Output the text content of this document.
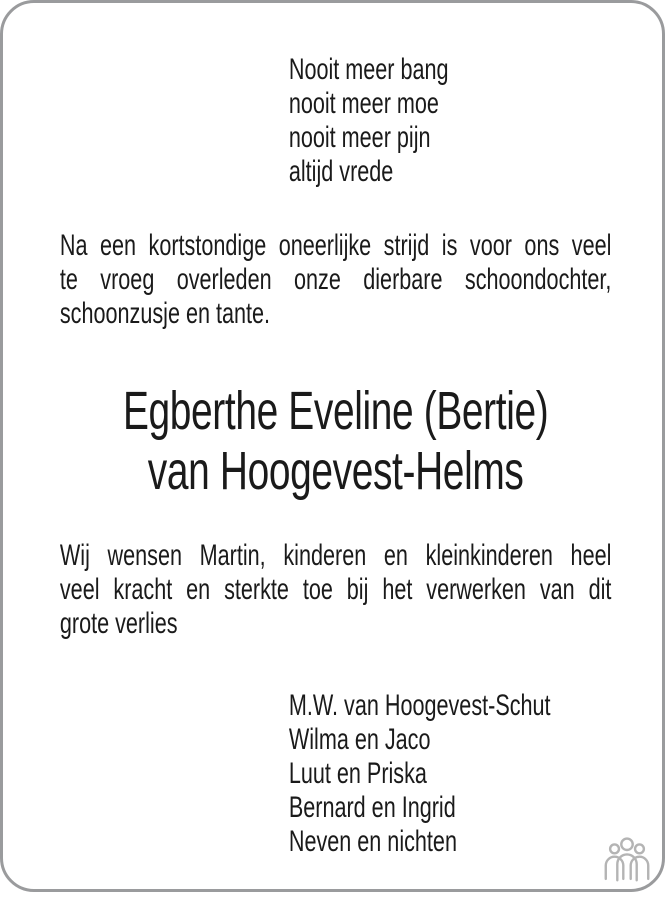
Nooit meer bang
nooit meer moe
nooit meer pijn
altijd vrede
Na een kortstondige oneerlijke strijd is voor ons veel
te vroeg overleden onze dierbare schoondochter,
schoonzusje en tante.
Egberthe Eveline (Bertie)
van Hoogevest-Helms
Wij wensen Martin, kinderen en kleinkinderen heel
veel kracht en sterkte toe bij het verwerken van dit
grote verlies
M.W. van Hoogevest-Schut
Wilma en Jaco
Luut en Priska
Bernard en Ingrid
Neven en nichten
